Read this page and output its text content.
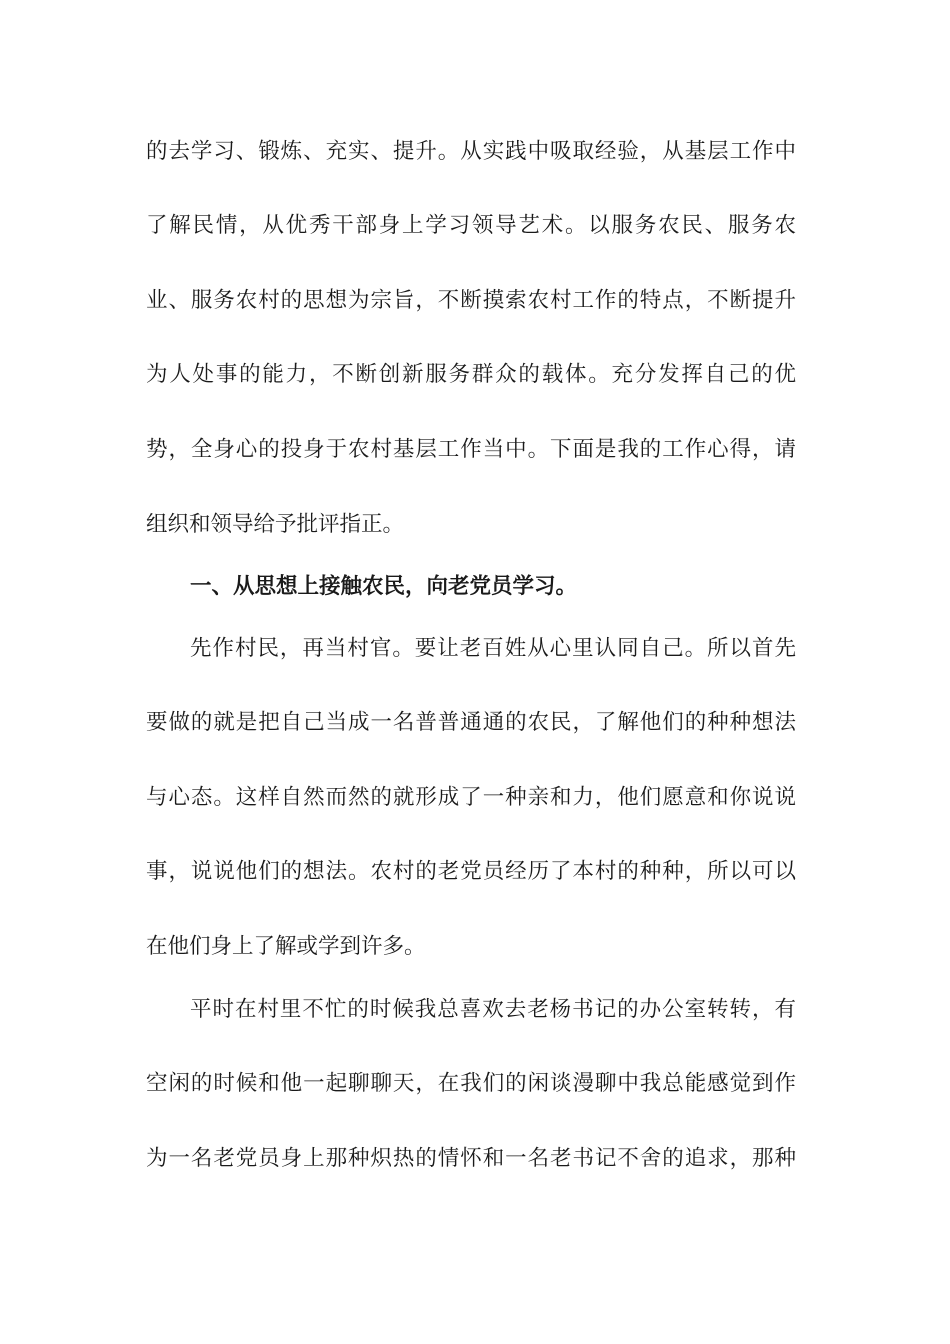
的去学习、锻炼、充实、提升。从实践中吸取经验，从基层工作中
了解民情，从优秀干部身上学习领导艺术。以服务农民、服务农
业、服务农村的思想为宗旨，不断摸索农村工作的特点，不断提升
为人处事的能力，不断创新服务群众的载体。充分发挥自己的优
势，全身心的投身于农村基层工作当中。下面是我的工作心得，请
组织和领导给予批评指正。
一、从思想上接触农民，向老党员学习。
先作村民，再当村官。要让老百姓从心里认同自己。所以首先
要做的就是把自己当成一名普普通通的农民，了解他们的种种想法
与心态。这样自然而然的就形成了一种亲和力，他们愿意和你说说
事，说说他们的想法。农村的老党员经历了本村的种种，所以可以
在他们身上了解或学到许多。
平时在村里不忙的时候我总喜欢去老杨书记的办公室转转，有
空闲的时候和他一起聊聊天，在我们的闲谈漫聊中我总能感觉到作
为一名老党员身上那种炽热的情怀和一名老书记不舍的追求，那种
